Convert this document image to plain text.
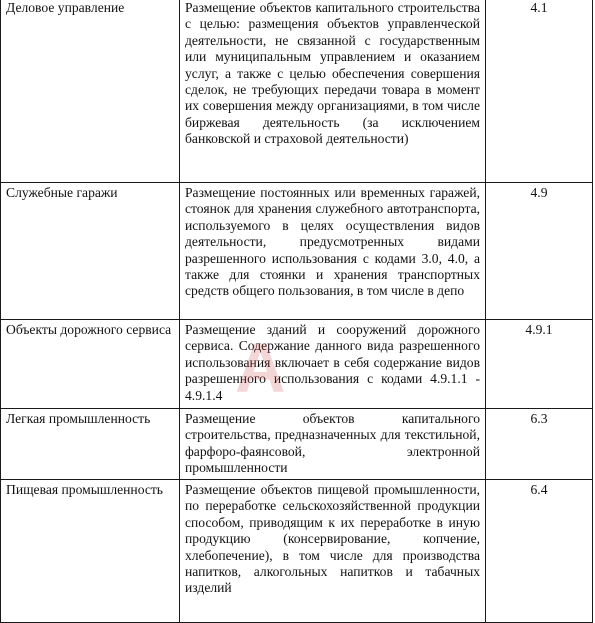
Деловое управление	Размещение объектов капитального строительства с целью: размещения объектов управленческой деятельности, не связанной с государственным или муниципальным управлением и оказанием услуг, а также с целью обеспечения совершения сделок, не требующих передачи товара в момент их совершения между организациями, в том числе биржевая деятельность (за исключением банковской и страховой деятельности)	4.1
Служебные гаражи	Размещение постоянных или временных гаражей, стоянок для хранения служебного автотранспорта, используемого в целях осуществления видов деятельности, предусмотренных видами разрешенного использования с кодами 3.0, 4.0, а также для стоянки и хранения транспортных средств общего пользования, в том числе в депо	4.9
Объекты дорожного сервиса	Размещение зданий и сооружений дорожного сервиса. Содержание данного вида разрешенного использования включает в себя содержание видов разрешенного использования с кодами 4.9.1.1 - 4.9.1.4	4.9.1
Легкая промышленность	Размещение объектов капитального строительства, предназначенных для текстильной, фарфоро-фаянсовой, электронной промышленности	6.3
Пищевая промышленность	Размещение объектов пищевой промышленности, по переработке сельскохозяйственной продукции способом, приводящим к их переработке в иную продукцию (консервирование, копчение, хлебопечение), в том числе для производства напитков, алкогольных напитков и табачных изделий	6.4
А
